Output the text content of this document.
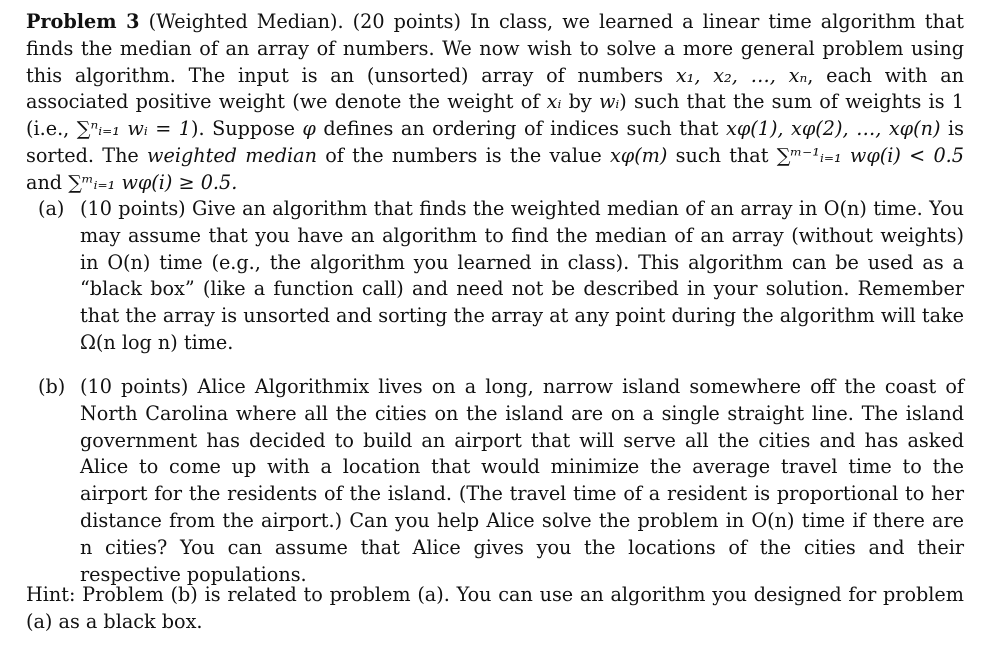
Problem 3 (Weighted Median). (20 points) In class, we learned a linear time algorithm that finds the median of an array of numbers. We now wish to solve a more general problem using this algorithm. The input is an (unsorted) array of numbers x₁, x₂, …, xₙ, each with an associated positive weight (we denote the weight of xᵢ by wᵢ) such that the sum of weights is 1 (i.e., ∑ⁿᵢ₌₁ wᵢ = 1). Suppose φ defines an ordering of indices such that xφ(1), xφ(2), …, xφ(n) is sorted. The weighted median of the numbers is the value xφ(m) such that ∑ᵐ⁻¹ᵢ₌₁ wφ(i) < 0.5 and ∑ᵐᵢ₌₁ wφ(i) ≥ 0.5.
(a) (10 points) Give an algorithm that finds the weighted median of an array in O(n) time. You may assume that you have an algorithm to find the median of an array (without weights) in O(n) time (e.g., the algorithm you learned in class). This algorithm can be used as a “black box” (like a function call) and need not be described in your solution. Remember that the array is unsorted and sorting the array at any point during the algorithm will take Ω(n log n) time.
(b) (10 points) Alice Algorithmix lives on a long, narrow island somewhere off the coast of North Carolina where all the cities on the island are on a single straight line. The island government has decided to build an airport that will serve all the cities and has asked Alice to come up with a location that would minimize the average travel time to the airport for the residents of the island. (The travel time of a resident is proportional to her distance from the airport.) Can you help Alice solve the problem in O(n) time if there are n cities? You can assume that Alice gives you the locations of the cities and their respective populations.
Hint: Problem (b) is related to problem (a). You can use an algorithm you designed for problem (a) as a black box.
